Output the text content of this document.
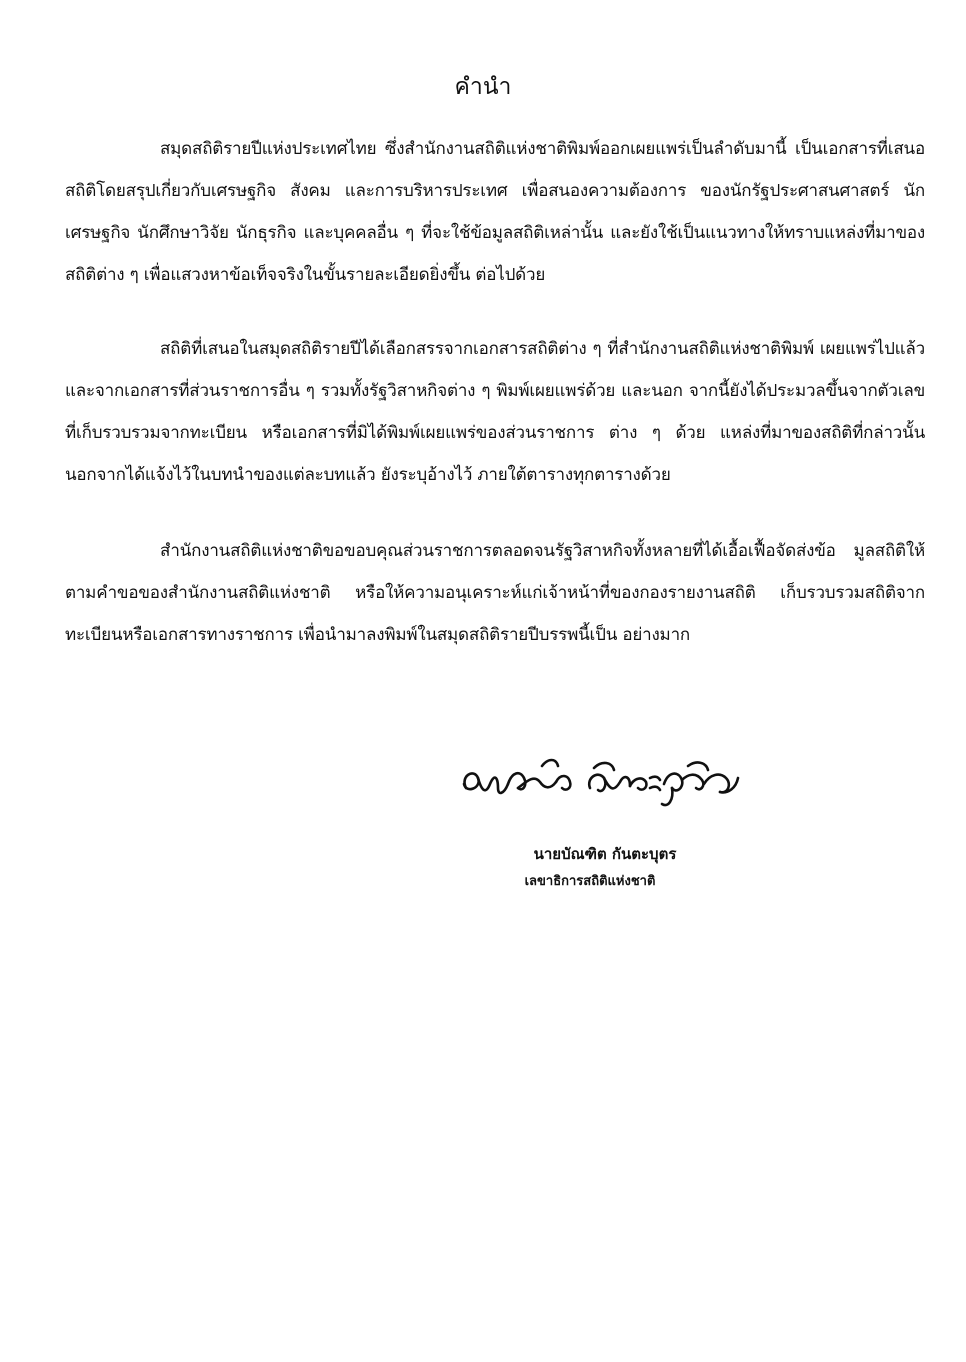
คำนำ
สมุดสถิติรายปีแห่งประเทศไทย ซึ่งสำนักงานสถิติแห่งชาติพิมพ์ออกเผยแพร่เป็นลำดับมานี้ เป็นเอกสารที่เสนอสถิติโดยสรุปเกี่ยวกับเศรษฐกิจ สังคม และการบริหารประเทศ เพื่อสนองความต้องการ ของนักรัฐประศาสนศาสตร์ นักเศรษฐกิจ นักศึกษาวิจัย นักธุรกิจ และบุคคลอื่น ๆ ที่จะใช้ข้อมูลสถิติเหล่านั้น และยังใช้เป็นแนวทางให้ทราบแหล่งที่มาของสถิติต่าง ๆ เพื่อแสวงหาข้อเท็จจริงในขั้นรายละเอียดยิ่งขึ้น ต่อไปด้วย
สถิติที่เสนอในสมุดสถิติรายปีได้เลือกสรรจากเอกสารสถิติต่าง ๆ ที่สำนักงานสถิติแห่งชาติพิมพ์ เผยแพร่ไปแล้ว และจากเอกสารที่ส่วนราชการอื่น ๆ รวมทั้งรัฐวิสาหกิจต่าง ๆ พิมพ์เผยแพร่ด้วย และนอก จากนี้ยังได้ประมวลขึ้นจากตัวเลขที่เก็บรวบรวมจากทะเบียน หรือเอกสารที่มิได้พิมพ์เผยแพร่ของส่วนราชการ ต่าง ๆ ด้วย แหล่งที่มาของสถิติที่กล่าวนั้น นอกจากได้แจ้งไว้ในบทนำของแต่ละบทแล้ว ยังระบุอ้างไว้ ภายใต้ตารางทุกตารางด้วย
สำนักงานสถิติแห่งชาติขอขอบคุณส่วนราชการตลอดจนรัฐวิสาหกิจทั้งหลายที่ได้เอื้อเฟื้อจัดส่งข้อ มูลสถิติให้ตามคำขอของสำนักงานสถิติแห่งชาติ หรือให้ความอนุเคราะห์แก่เจ้าหน้าที่ของกองรายงานสถิติ เก็บรวบรวมสถิติจากทะเบียนหรือเอกสารทางราชการ เพื่อนำมาลงพิมพ์ในสมุดสถิติรายปีบรรพนี้เป็น อย่างมาก
นายบัณฑิต กันตะบุตร
เลขาธิการสถิติแห่งชาติ
